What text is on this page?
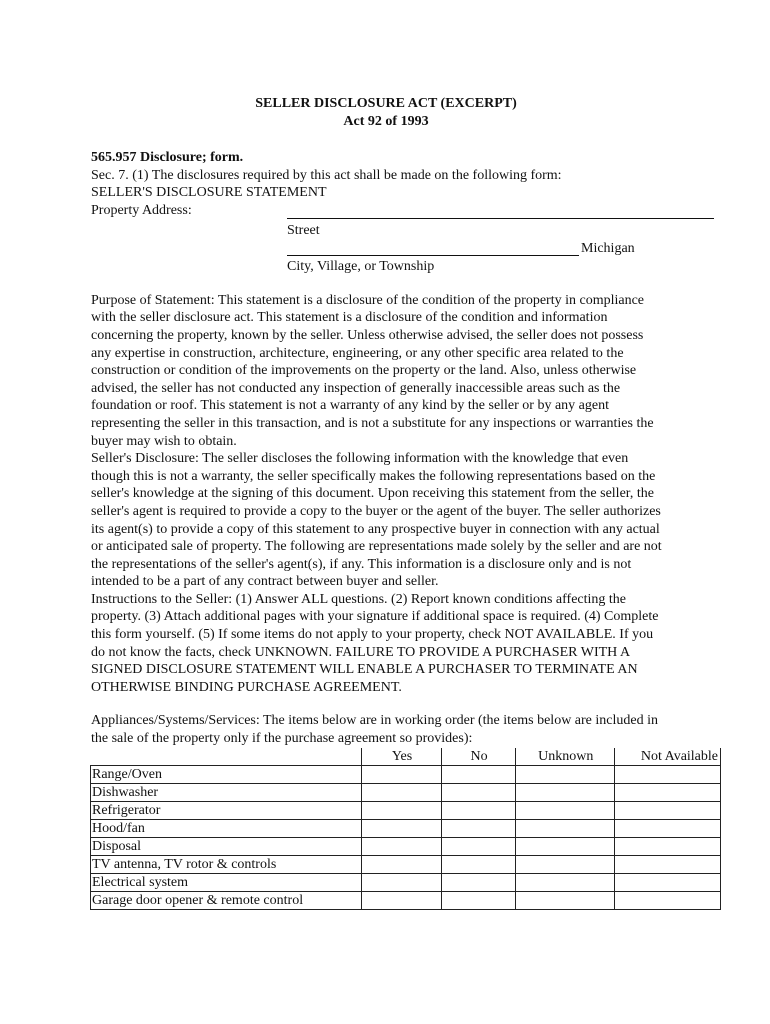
SELLER DISCLOSURE ACT (EXCERPT)
Act 92 of 1993
565.957 Disclosure; form.
Sec. 7. (1) The disclosures required by this act shall be made on the following form:
SELLER'S DISCLOSURE STATEMENT
Property Address:
Street
Michigan
City, Village, or Township
Purpose of Statement: This statement is a disclosure of the condition of the property in compliance
with the seller disclosure act. This statement is a disclosure of the condition and information
concerning the property, known by the seller. Unless otherwise advised, the seller does not possess
any expertise in construction, architecture, engineering, or any other specific area related to the
construction or condition of the improvements on the property or the land. Also, unless otherwise
advised, the seller has not conducted any inspection of generally inaccessible areas such as the
foundation or roof. This statement is not a warranty of any kind by the seller or by any agent
representing the seller in this transaction, and is not a substitute for any inspections or warranties the
buyer may wish to obtain.
Seller's Disclosure: The seller discloses the following information with the knowledge that even
though this is not a warranty, the seller specifically makes the following representations based on the
seller's knowledge at the signing of this document. Upon receiving this statement from the seller, the
seller's agent is required to provide a copy to the buyer or the agent of the buyer. The seller authorizes
its agent(s) to provide a copy of this statement to any prospective buyer in connection with any actual
or anticipated sale of property. The following are representations made solely by the seller and are not
the representations of the seller's agent(s), if any. This information is a disclosure only and is not
intended to be a part of any contract between buyer and seller.
Instructions to the Seller: (1) Answer ALL questions. (2) Report known conditions affecting the
property. (3) Attach additional pages with your signature if additional space is required. (4) Complete
this form yourself. (5) If some items do not apply to your property, check NOT AVAILABLE. If you
do not know the facts, check UNKNOWN. FAILURE TO PROVIDE A PURCHASER WITH A
SIGNED DISCLOSURE STATEMENT WILL ENABLE A PURCHASER TO TERMINATE AN
OTHERWISE BINDING PURCHASE AGREEMENT.
Appliances/Systems/Services: The items below are in working order (the items below are included in
the sale of the property only if the purchase agreement so provides):
	Yes	No	Unknown	Not Available
Range/Oven				
Dishwasher				
Refrigerator				
Hood/fan				
Disposal				
TV antenna, TV rotor & controls				
Electrical system				
Garage door opener & remote control				
